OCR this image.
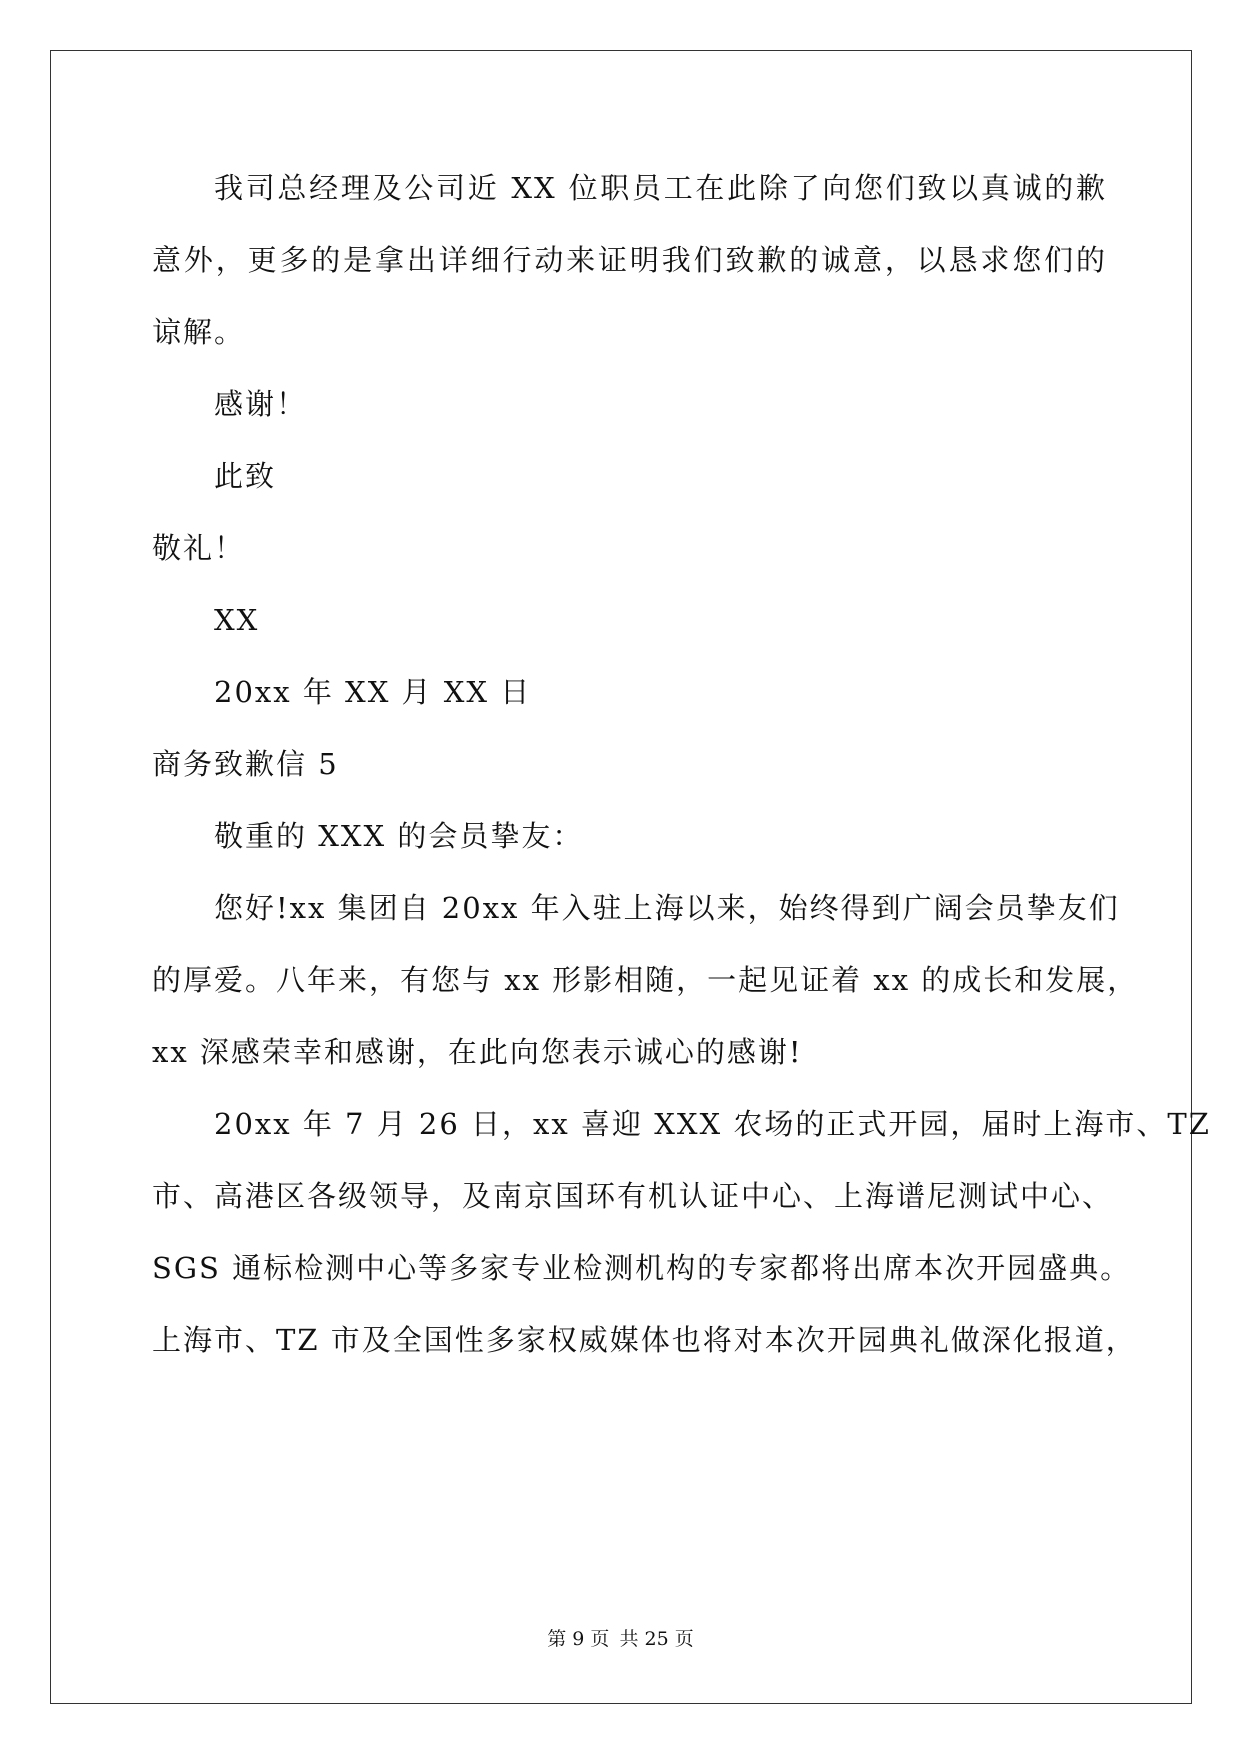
我司总经理及公司近 XX 位职员工在此除了向您们致以真诚的歉
意外，更多的是拿出详细行动来证明我们致歉的诚意，以恳求您们的
谅解。
感谢！
此致
敬礼！
XX
20xx 年 XX 月 XX 日
商务致歉信 5
敬重的 XXX 的会员挚友：
您好!xx 集团自 20xx 年入驻上海以来，始终得到广阔会员挚友们
的厚爱。八年来，有您与 xx 形影相随，一起见证着 xx 的成长和发展，
xx 深感荣幸和感谢，在此向您表示诚心的感谢!
20xx 年 7 月 26 日，xx 喜迎 XXX 农场的正式开园，届时上海市、TZ
市、高港区各级领导，及南京国环有机认证中心、上海谱尼测试中心、
SGS 通标检测中心等多家专业检测机构的专家都将出席本次开园盛典。
上海市、TZ 市及全国性多家权威媒体也将对本次开园典礼做深化报道，
第 9 页 共 25 页
